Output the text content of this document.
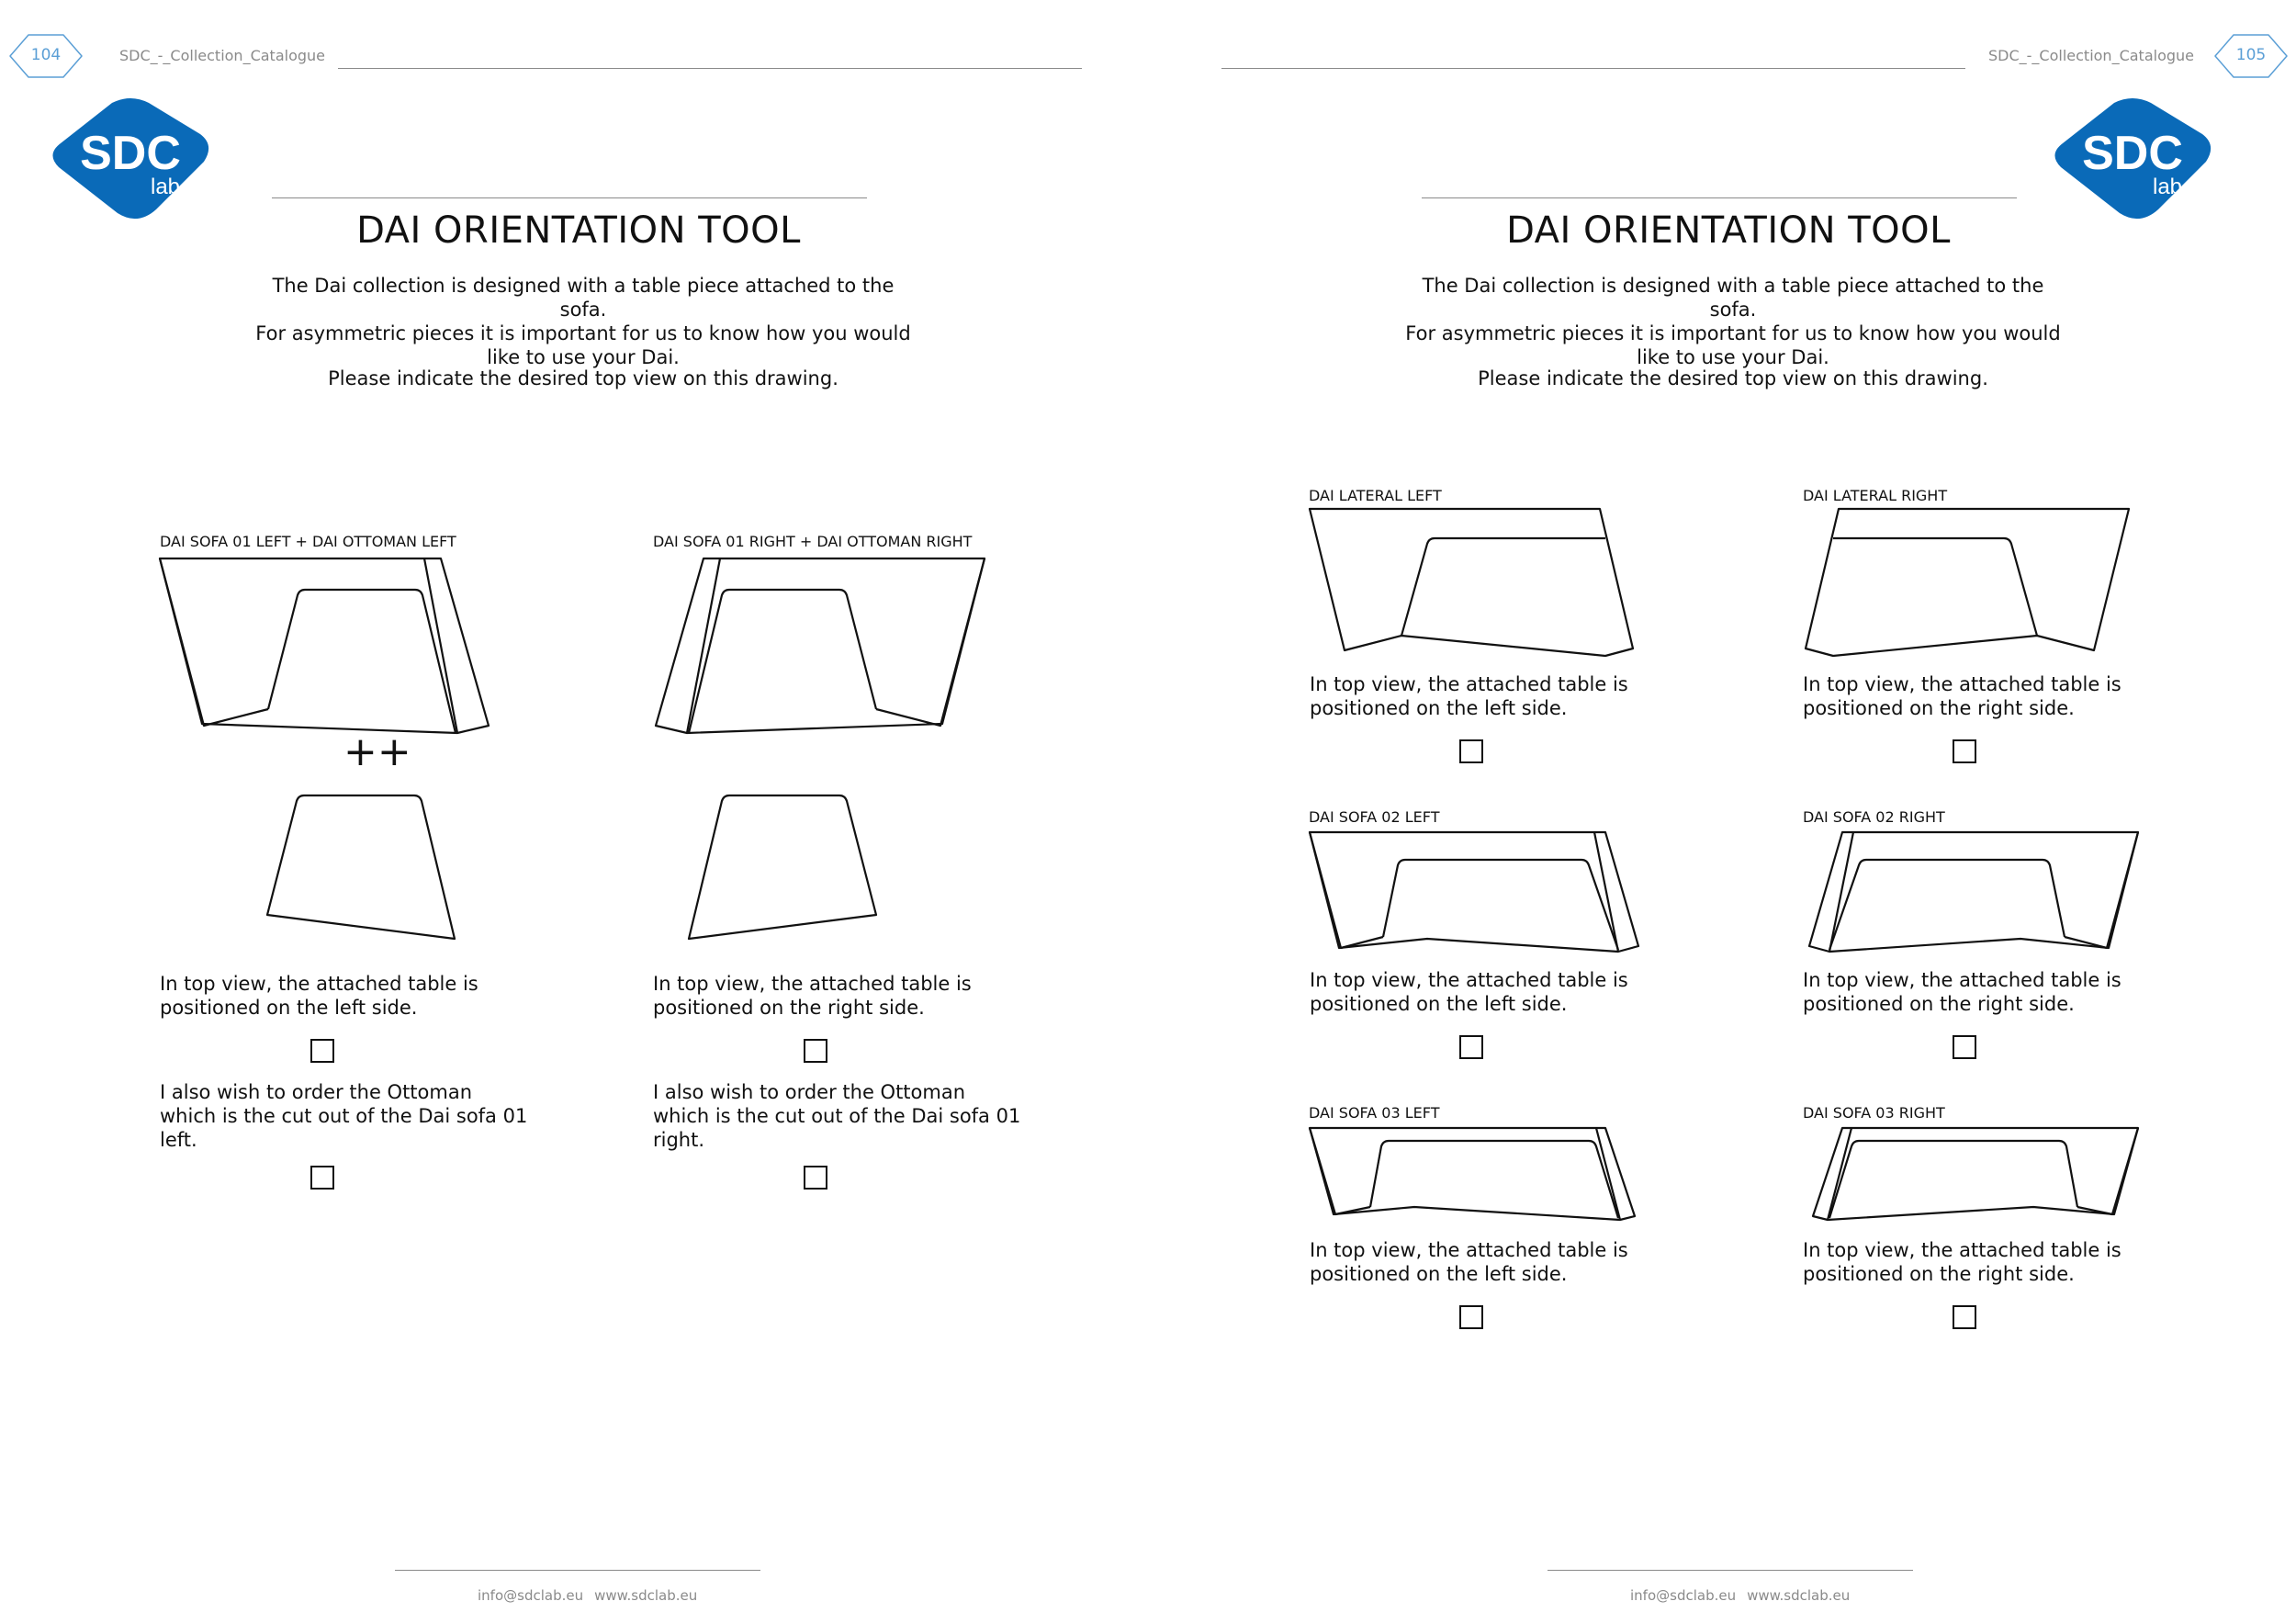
104	SDC_-_Collection_Catalogue
SDC
lab
DAI ORIENTATION TOOL
The Dai collection is designed with a table piece attached to the sofa.
For asymmetric pieces it is important for us to know how you would
like to use your Dai.
Please indicate the desired top view on this drawing.
DAI SOFA 01 LEFT + DAI OTTOMAN LEFT
++
In top view, the attached table is
positioned on the left side.
I also wish to order the Ottoman
which is the cut out of the Dai sofa 01
left.
DAI SOFA 01 RIGHT + DAI OTTOMAN RIGHT
In top view, the attached table is
positioned on the right side.
I also wish to order the Ottoman
which is the cut out of the Dai sofa 01
right.
info@sdclab.eu www.sdclab.eu
SDC_-_Collection_Catalogue	105
SDC
lab
DAI ORIENTATION TOOL
The Dai collection is designed with a table piece attached to the sofa.
For asymmetric pieces it is important for us to know how you would
like to use your Dai.
Please indicate the desired top view on this drawing.
DAI LATERAL LEFT	DAI LATERAL RIGHT
In top view, the attached table is
positioned on the left side.
In top view, the attached table is
positioned on the right side.
DAI SOFA 02 LEFT	DAI SOFA 02 RIGHT
In top view, the attached table is
positioned on the left side.
In top view, the attached table is
positioned on the right side.
DAI SOFA 03 LEFT	DAI SOFA 03 RIGHT
In top view, the attached table is
positioned on the left side.
In top view, the attached table is
positioned on the right side.
info@sdclab.eu www.sdclab.eu
